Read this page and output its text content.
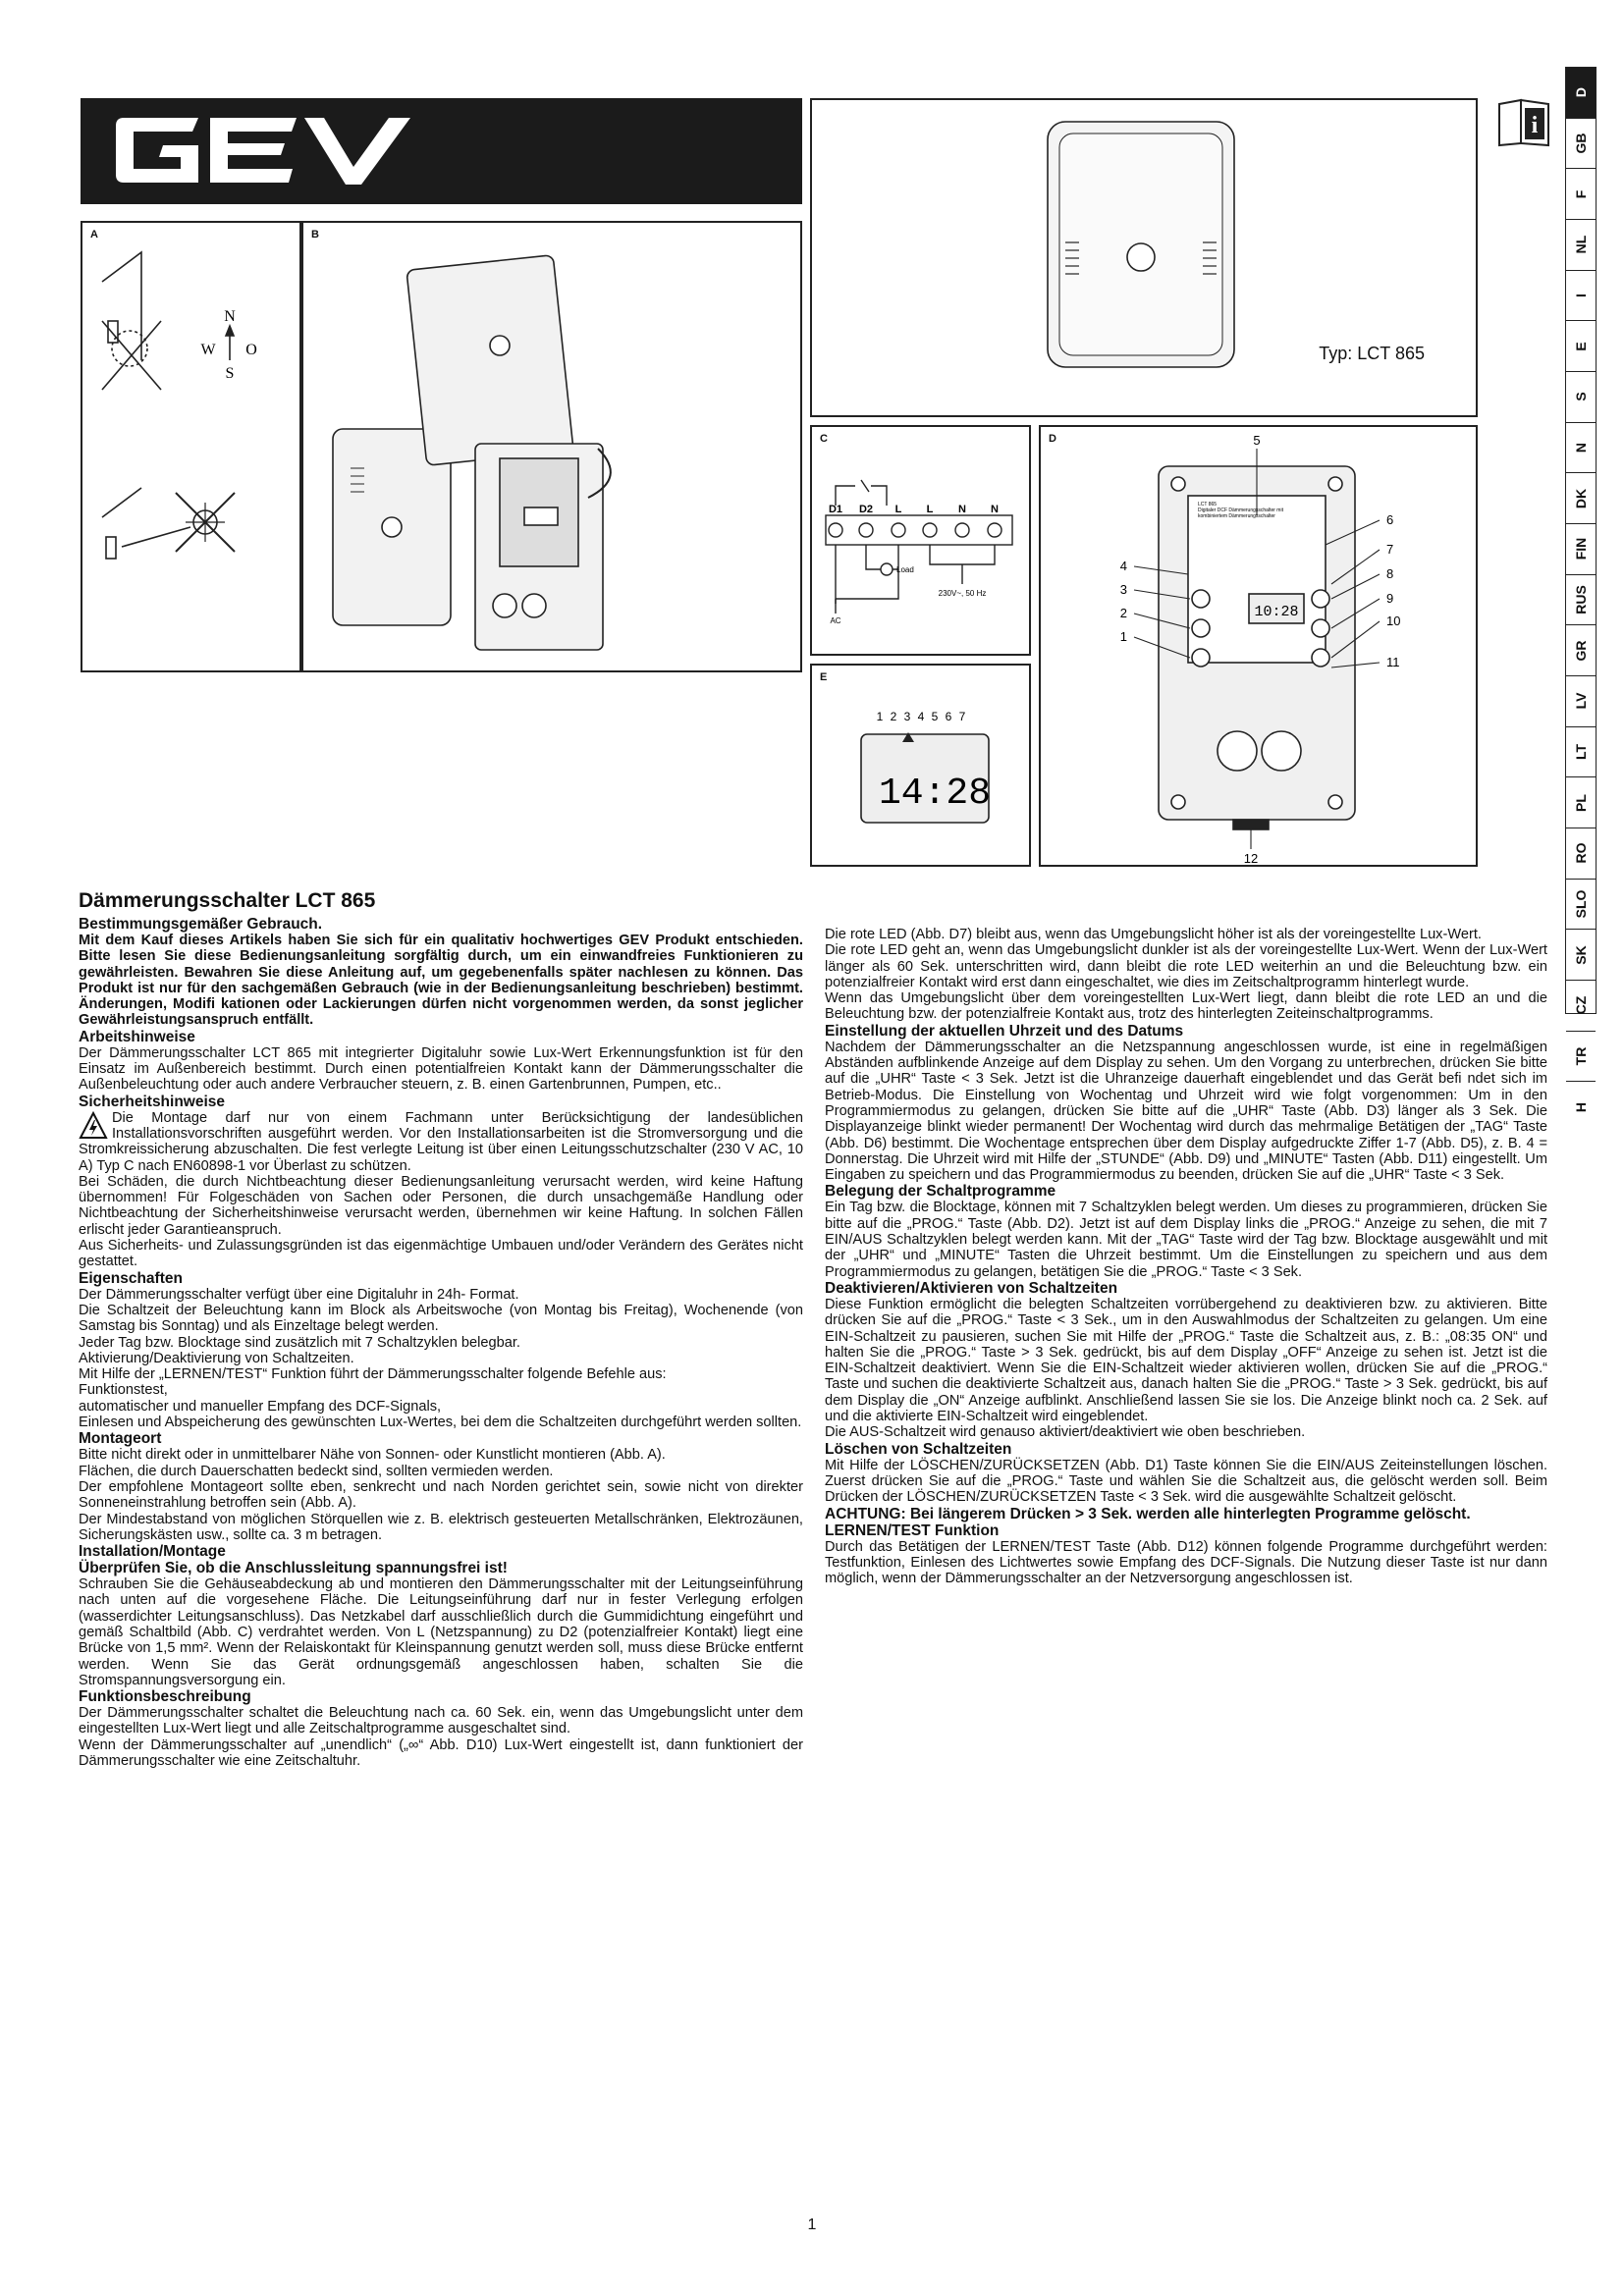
A
N
S
W O
B
Typ: LCT 865
C
D1 D2 L L N N
Load
AC
230V~, 50 Hz
E
1 2 3 4 5 6 7
14:28
D
10:28
LCT 865
Digitaler DCF Dämmerungsschalter mit
kombiniertem Dämmerungsschalter
1
2
3
4
5
6
7
8
9
10
11
12
i
D
GB
F
NL
I
E
S
N
DK
FIN
RUS
GR
LV
LT
PL
RO
SLO
SK
CZ
TR
H
Dämmerungsschalter LCT 865
Bestimmungsgemäßer Gebrauch.

Mit dem Kauf dieses Artikels haben Sie sich für ein qualitativ hochwertiges GEV Produkt entschieden. Bitte lesen Sie diese Bedienungsanleitung sorgfältig durch, um ein einwandfreies Funktionieren zu gewährleisten. Bewahren Sie diese Anleitung auf, um gegebenenfalls später nachlesen zu können. Das Produkt ist nur für den sachgemäßen Gebrauch (wie in der Bedienungsanleitung beschrieben) bestimmt. Änderungen, Modifi kationen oder Lackierungen dürfen nicht vorgenommen werden, da sonst jeglicher Gewährleistungsanspruch entfällt.

Arbeitshinweise

Der Dämmerungsschalter LCT 865 mit integrierter Digitaluhr sowie Lux-Wert Erkennungsfunktion ist für den Einsatz im Außenbereich bestimmt. Durch einen potentialfreien Kontakt kann der Dämmerungsschalter die Außenbeleuchtung oder auch andere Verbraucher steuern, z. B. einen Gartenbrunnen, Pumpen, etc..

Sicherheitshinweise

Die Montage darf nur von einem Fachmann unter Berücksichtigung der landesüblichen Installationsvorschriften ausgeführt werden. Vor den Installationsarbeiten ist die Stromversorgung und die Stromkreissicherung abzuschalten. Die fest verlegte Leitung ist über einen Leitungsschutzschalter (230 V AC, 10 A) Typ C nach EN60898-1 vor Überlast zu schützen.

Bei Schäden, die durch Nichtbeachtung dieser Bedienungsanleitung verursacht werden, wird keine Haftung übernommen! Für Folgeschäden von Sachen oder Personen, die durch unsachgemäße Handlung oder Nichtbeachtung der Sicherheitshinweise verursacht werden, übernehmen wir keine Haftung. In solchen Fällen erlischt jeder Garantieanspruch.

Aus Sicherheits- und Zulassungsgründen ist das eigenmächtige Umbauen und/oder Verändern des Gerätes nicht gestattet.

Eigenschaften

Der Dämmerungsschalter verfügt über eine Digitaluhr in 24h- Format.

Die Schaltzeit der Beleuchtung kann im Block als Arbeitswoche (von Montag bis Freitag), Wochenende (von Samstag bis Sonntag) und als Einzeltage belegt werden.

Jeder Tag bzw. Blocktage sind zusätzlich mit 7 Schaltzyklen belegbar.

Aktivierung/Deaktivierung von Schaltzeiten.

Mit Hilfe der „LERNEN/TEST“ Funktion führt der Dämmerungsschalter folgende Befehle aus:

Funktionstest,

automatischer und manueller Empfang des DCF-Signals,

Einlesen und Abspeicherung des gewünschten Lux-Wertes, bei dem die Schaltzeiten durchgeführt werden sollten.

Montageort

Bitte nicht direkt oder in unmittelbarer Nähe von Sonnen- oder Kunstlicht montieren (Abb. A).

Flächen, die durch Dauerschatten bedeckt sind, sollten vermieden werden.

Der empfohlene Montageort sollte eben, senkrecht und nach Norden gerichtet sein, sowie nicht von direkter Sonneneinstrahlung betroffen sein (Abb. A).

Der Mindestabstand von möglichen Störquellen wie z. B. elektrisch gesteuerten Metallschränken, Elektrozäunen, Sicherungskästen usw., sollte ca. 3 m betragen.

Installation/Montage
Überprüfen Sie, ob die Anschlussleitung spannungsfrei ist!

Schrauben Sie die Gehäuseabdeckung ab und montieren den Dämmerungsschalter mit der Leitungseinführung nach unten auf die vorgesehene Fläche. Die Leitungseinführung darf nur in fester Verlegung erfolgen (wasserdichter Leitungsanschluss). Das Netzkabel darf ausschließlich durch die Gummidichtung eingeführt und gemäß Schaltbild (Abb. C) verdrahtet werden. Von L (Netzspannung) zu D2 (potenzialfreier Kontakt) liegt eine Brücke von 1,5 mm². Wenn der Relaiskontakt für Kleinspannung genutzt werden soll, muss diese Brücke entfernt werden. Wenn Sie das Gerät ordnungsgemäß angeschlossen haben, schalten Sie die Stromspannungsversorgung ein.

Funktionsbeschreibung

Der Dämmerungsschalter schaltet die Beleuchtung nach ca. 60 Sek. ein, wenn das Umgebungslicht unter dem eingestellten Lux-Wert liegt und alle Zeitschaltprogramme ausgeschaltet sind.

Wenn der Dämmerungsschalter auf „unendlich“ („∞“ Abb. D10) Lux-Wert eingestellt ist, dann funktioniert der Dämmerungsschalter wie eine Zeitschaltuhr.

Die rote LED (Abb. D7) bleibt aus, wenn das Umgebungslicht höher ist als der voreingestellte Lux-Wert.

Die rote LED geht an, wenn das Umgebungslicht dunkler ist als der voreingestellte Lux-Wert. Wenn der Lux-Wert länger als 60 Sek. unterschritten wird, dann bleibt die rote LED weiterhin an und die Beleuchtung bzw. ein potenzialfreier Kontakt wird erst dann eingeschaltet, wie dies im Zeitschaltprogramm hinterlegt wurde.

Wenn das Umgebungslicht über dem voreingestellten Lux-Wert liegt, dann bleibt die rote LED an und die Beleuchtung bzw. der potenzialfreie Kontakt aus, trotz des hinterlegten Zeiteinschaltprogramms.

Einstellung der aktuellen Uhrzeit und des Datums

Nachdem der Dämmerungsschalter an die Netzspannung angeschlossen wurde, ist eine in regelmäßigen Abständen aufblinkende Anzeige auf dem Display zu sehen. Um den Vorgang zu unterbrechen, drücken Sie bitte auf die „UHR“ Taste < 3 Sek. Jetzt ist die Uhranzeige dauerhaft eingeblendet und das Gerät befi ndet sich im Betrieb-Modus. Die Einstellung von Wochentag und Uhrzeit wird wie folgt vorgenommen: Um in den Programmiermodus zu gelangen, drücken Sie bitte auf die „UHR“ Taste (Abb. D3) länger als 3 Sek. Die Displayanzeige blinkt wieder permanent! Der Wochentag wird durch das mehrmalige Betätigen der „TAG“ Taste (Abb. D6) bestimmt. Die Wochentage entsprechen über dem Display aufgedruckte Ziffer 1-7 (Abb. D5), z. B. 4 = Donnerstag. Die Uhrzeit wird mit Hilfe der „STUNDE“ (Abb. D9) und „MINUTE“ Tasten (Abb. D11) eingestellt. Um Eingaben zu speichern und das Programmiermodus zu beenden, drücken Sie auf die „UHR“ Taste < 3 Sek.

Belegung der Schaltprogramme

Ein Tag bzw. die Blocktage, können mit 7 Schaltzyklen belegt werden. Um dieses zu programmieren, drücken Sie bitte auf die „PROG.“ Taste (Abb. D2). Jetzt ist auf dem Display links die „PROG.“ Anzeige zu sehen, die mit 7 EIN/AUS Schaltzyklen belegt werden kann. Mit der „TAG“ Taste wird der Tag bzw. Blocktage ausgewählt und mit der „UHR“ und „MINUTE“ Tasten die Uhrzeit bestimmt. Um die Einstellungen zu speichern und aus dem Programmiermodus zu gelangen, betätigen Sie die „PROG.“ Taste < 3 Sek.

Deaktivieren/Aktivieren von Schaltzeiten

Diese Funktion ermöglicht die belegten Schaltzeiten vorrübergehend zu deaktivieren bzw. zu aktivieren. Bitte drücken Sie auf die „PROG.“ Taste < 3 Sek., um in den Auswahlmodus der Schaltzeiten zu gelangen. Um eine EIN-Schaltzeit zu pausieren, suchen Sie mit Hilfe der „PROG.“ Taste die Schaltzeit aus, z. B.: „08:35 ON“ und halten Sie die „PROG.“ Taste > 3 Sek. gedrückt, bis auf dem Display „OFF“ Anzeige zu sehen ist. Jetzt ist die EIN-Schaltzeit deaktiviert. Wenn Sie die EIN-Schaltzeit wieder aktivieren wollen, drücken Sie auf die „PROG.“ Taste und suchen die deaktivierte Schaltzeit aus, danach halten Sie die „PROG.“ Taste > 3 Sek. gedrückt, bis auf dem Display die „ON“ Anzeige aufblinkt. Anschließend lassen Sie sie los. Die Anzeige blinkt noch ca. 2 Sek. auf und die aktivierte EIN-Schaltzeit wird eingeblendet.

Die AUS-Schaltzeit wird genauso aktiviert/deaktiviert wie oben beschrieben.

Löschen von Schaltzeiten

Mit Hilfe der LÖSCHEN/ZURÜCKSETZEN (Abb. D1) Taste können Sie die EIN/AUS Zeiteinstellungen löschen. Zuerst drücken Sie auf die „PROG.“ Taste und wählen Sie die Schaltzeit aus, die gelöscht werden soll. Beim Drücken der LÖSCHEN/ZURÜCKSETZEN Taste < 3 Sek. wird die ausgewählte Schaltzeit gelöscht.

ACHTUNG: Bei längerem Drücken > 3 Sek. werden alle hinterlegten Programme gelöscht.
LERNEN/TEST Funktion

Durch das Betätigen der LERNEN/TEST Taste (Abb. D12) können folgende Programme durchgeführt werden: Testfunktion, Einlesen des Lichtwertes sowie Empfang des DCF-Signals. Die Nutzung dieser Taste ist nur dann möglich, wenn der Dämmerungsschalter an der Netzversorgung angeschlossen ist.

1
